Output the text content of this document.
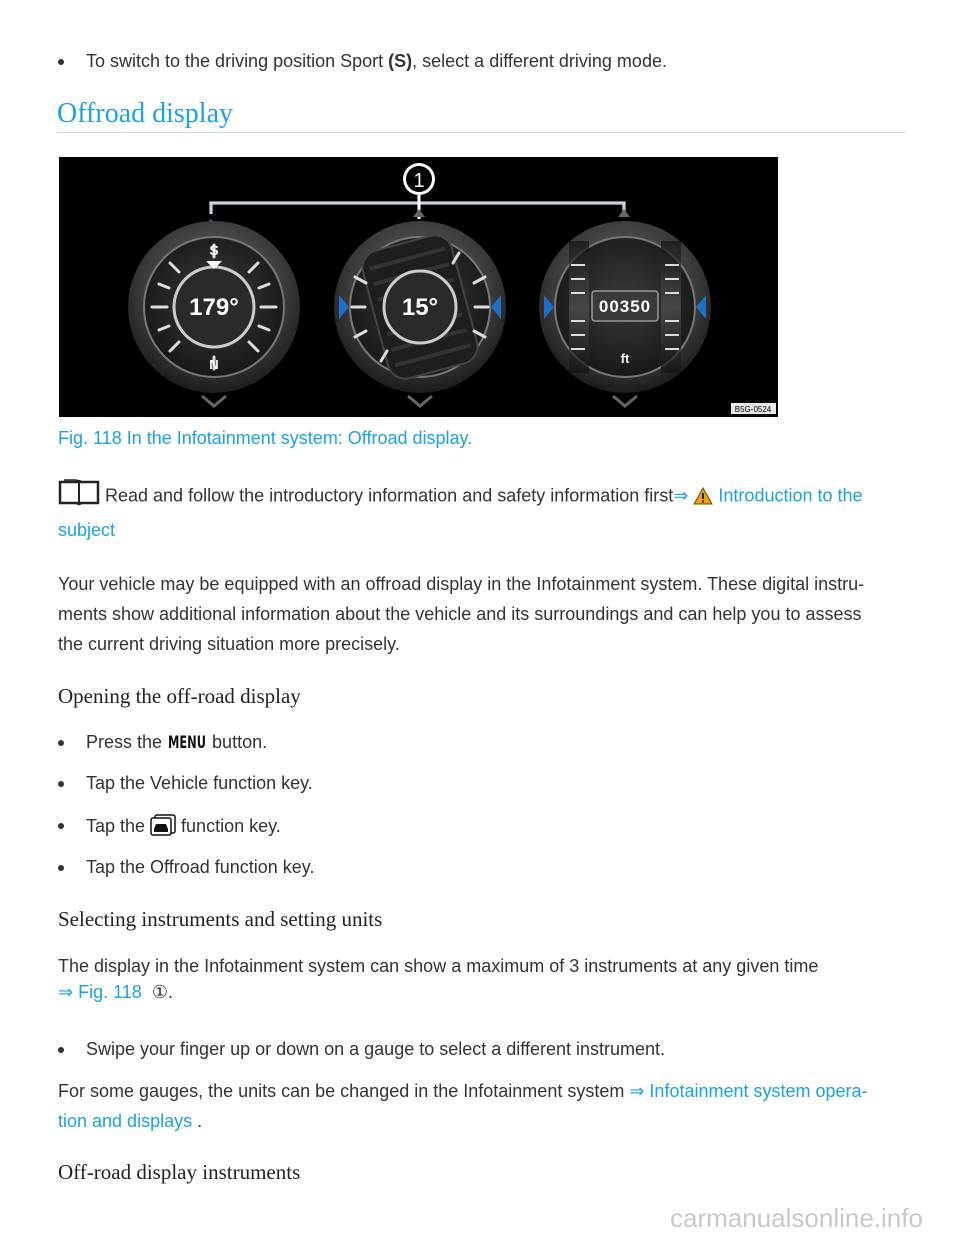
To switch to the driving position Sport (S), select a different driving mode.
Offroad display
1
179°
S
N
15°	00350
ft
B5G-0524
Fig. 118 In the Infotainment system: Offroad display.
Read and follow the introductory information and safety information first⇒ Introduction to the
subject
Your vehicle may be equipped with an offroad display in the Infotainment system. These digital instru-
ments show additional information about the vehicle and its surroundings and can help you to assess
the current driving situation more precisely.
Opening the off-road display
Press the MENU button.
Tap the Vehicle function key.
Tap the  function key.
Tap the Offroad function key.
Selecting instruments and setting units
The display in the Infotainment system can show a maximum of 3 instruments at any given time
⇒ Fig. 118 ①.
Swipe your finger up or down on a gauge to select a different instrument.
For some gauges, the units can be changed in the Infotainment system ⇒ Infotainment system opera-
tion and displays .
Off-road display instruments
carmanualsonline.info
